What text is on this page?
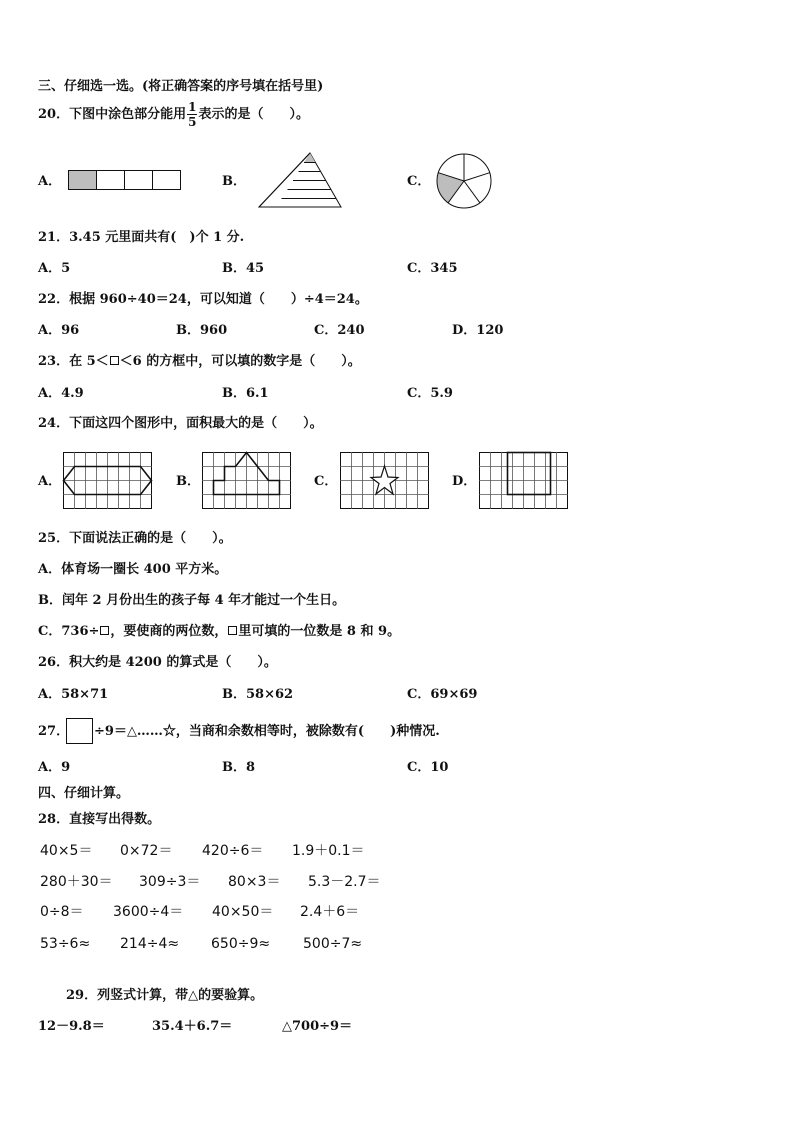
三、仔细选一选。(将正确答案的序号填在括号里)
20．下图中涂色部分能用 $\frac{1}{5}$ 表示的是（　　）。
A．	B．	C．
21．3.45 元里面共有(　)个 1 分.
A．5	B．45	C．345
22．根据 960÷40＝24，可以知道（　　）÷4＝24。
A．96	B．960	C．240	D．120
23．在 5＜ ＜6 的方框中，可以填的数字是（　　）。
A．4.9	B．6.1	C．5.9
24．下面这四个图形中，面积最大的是（　　）。
A．	B．	C．	D．
25．下面说法正确的是（　　）。
A．体育场一圈长 400 平方米。
B．闰年 2 月份出生的孩子每 4 年才能过一个生日。
C．736÷ ，要使商的两位数， 里可填的一位数是 8 和 9。
26．积大约是 4200 的算式是（　　）。
A．58×71	B．58×62	C．69×69
27． ÷9＝△……☆，当商和余数相等时，被除数有(　　)种情况.
A．9	B．8	C．10
四、仔细计算。
28．直接写出得数。
40×5＝ 0×72＝ 420÷6＝ 1.9＋0.1＝
280＋30＝ 309÷3＝ 80×3＝ 5.3－2.7＝
0÷8＝ 3600÷4＝ 40×50＝ 2.4＋6＝
53÷6≈ 214÷4≈ 650÷9≈ 500÷7≈
29．列竖式计算，带△的要验算。
12－9.8＝	35.4＋6.7＝	△700÷9＝
